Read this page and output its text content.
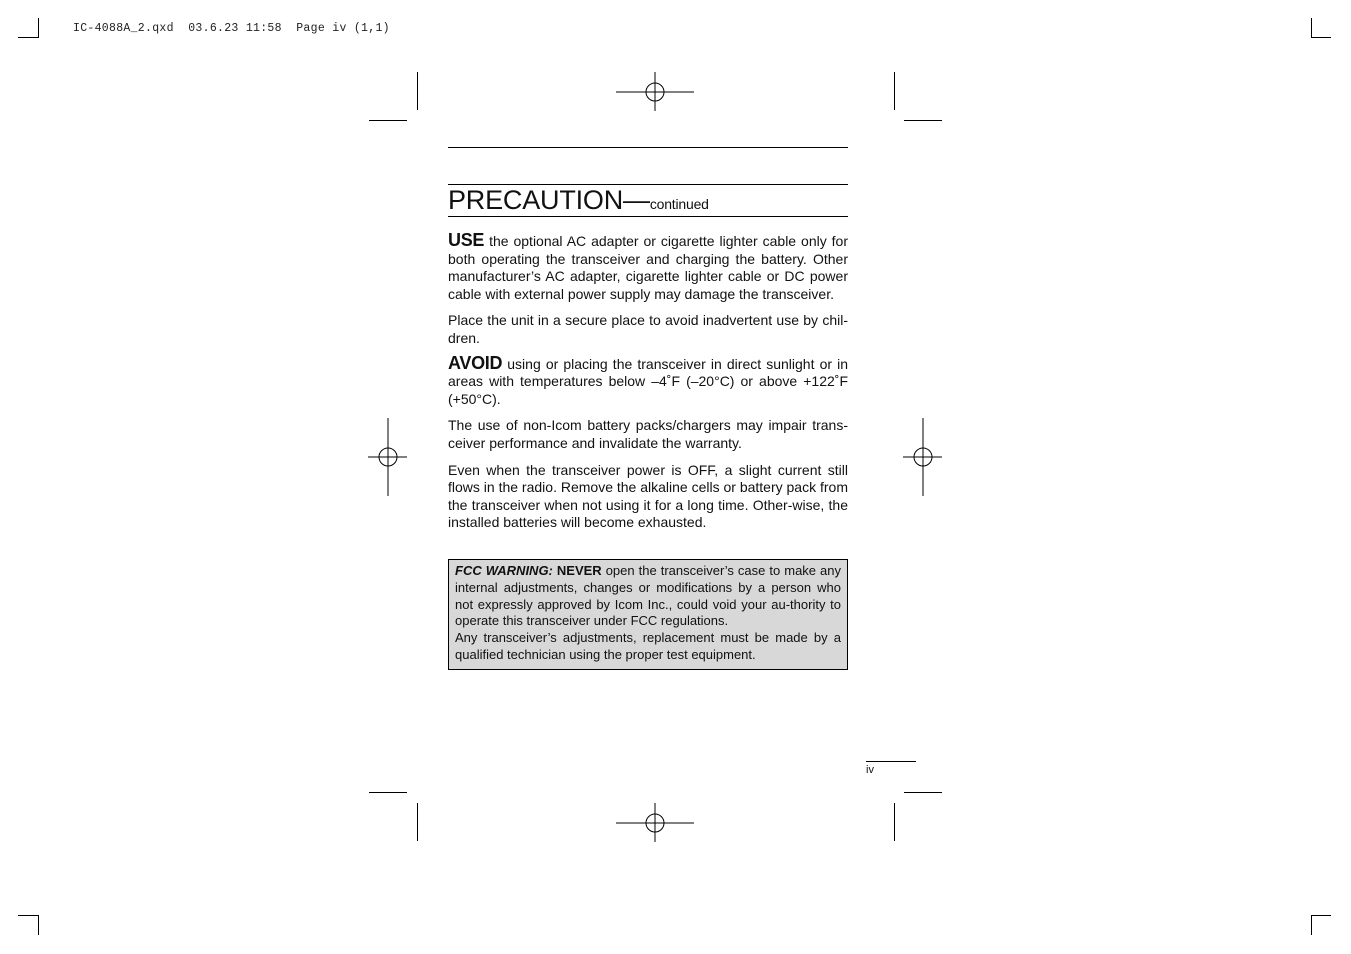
IC-4088A_2.qxd  03.6.23 11:58  Page iv (1,1)
PRECAUTION—continued

USE the optional AC adapter or cigarette lighter cable only for both operating the transceiver and charging the battery. Other manufacturer’s AC adapter, cigarette lighter cable or DC power cable with external power supply may damage the transceiver.

Place the unit in a secure place to avoid inadvertent use by chil-dren.

AVOID using or placing the transceiver in direct sunlight or in areas with temperatures below –4˚F (–20°C) or above +122˚F (+50°C).

The use of non-Icom battery packs/chargers may impair trans-ceiver performance and invalidate the warranty.

Even when the transceiver power is OFF, a slight current still flows in the radio. Remove the alkaline cells or battery pack from the transceiver when not using it for a long time. Other-wise, the installed batteries will become exhausted.

FCC WARNING: NEVER open the transceiver’s case to make any internal adjustments, changes or modifications by a person who not expressly approved by Icom Inc., could void your au-thority to operate this transceiver under FCC regulations.

Any transceiver’s adjustments, replacement must be made by a qualified technician using the proper test equipment.

iv
